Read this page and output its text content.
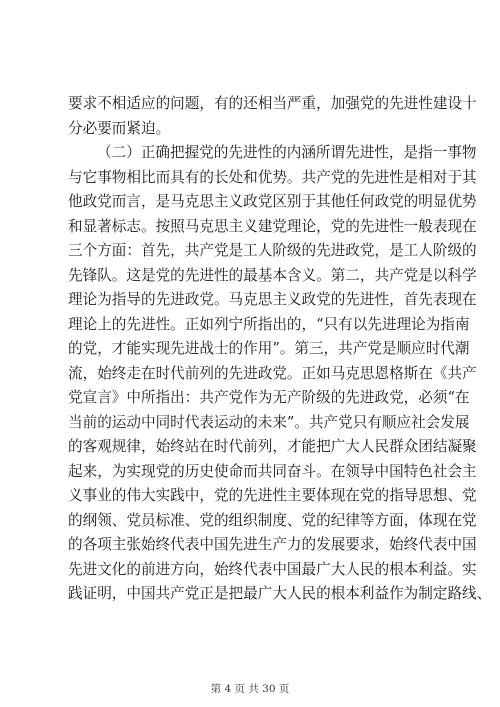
要求不相适应的问题，有的还相当严重，加强党的先进性建设十
分必要而紧迫。
（二）正确把握党的先进性的内涵所谓先进性，是指一事物
与它事物相比而具有的长处和优势。共产党的先进性是相对于其
他政党而言，是马克思主义政党区别于其他任何政党的明显优势
和显著标志。按照马克思主义建党理论，党的先进性一般表现在
三个方面：首先，共产党是工人阶级的先进政党，是工人阶级的
先锋队。这是党的先进性的最基本含义。第二，共产党是以科学
理论为指导的先进政党。马克思主义政党的先进性，首先表现在
理论上的先进性。正如列宁所指出的，“只有以先进理论为指南
的党，才能实现先进战士的作用”。第三，共产党是顺应时代潮
流，始终走在时代前列的先进政党。正如马克思恩格斯在《共产
党宣言》中所指出：共产党作为无产阶级的先进政党，必须“在
当前的运动中同时代表运动的未来”。共产党只有顺应社会发展
的客观规律，始终站在时代前列，才能把广大人民群众团结凝聚
起来，为实现党的历史使命而共同奋斗。在领导中国特色社会主
义事业的伟大实践中，党的先进性主要体现在党的指导思想、党
的纲领、党员标准、党的组织制度、党的纪律等方面，体现在党
的各项主张始终代表中国先进生产力的发展要求，始终代表中国
先进文化的前进方向，始终代表中国最广大人民的根本利益。实
践证明，中国共产党正是把最广大人民的根本利益作为制定路线、
第 4 页 共 30 页
